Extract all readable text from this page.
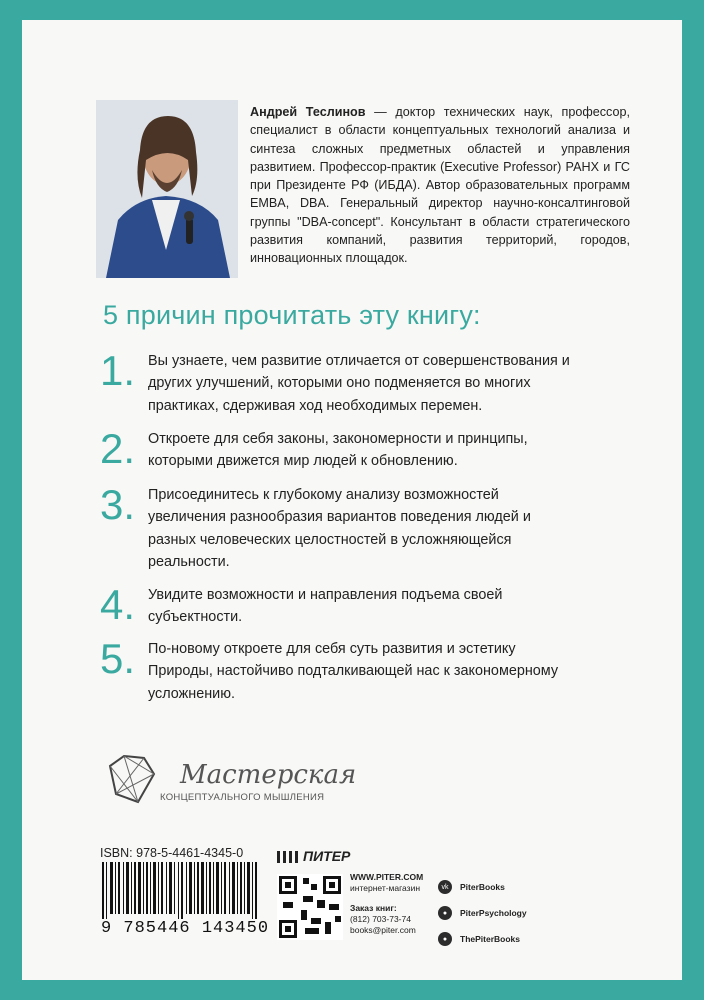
Андрей Теслинов — доктор технических наук, профессор, специалист в области концептуальных технологий анализа и синтеза сложных предметных областей и управления развитием. Профессор-практик (Executive Professor) РАНХ и ГС при Президенте РФ (ИБДА). Автор образовательных программ EMBA, DBA. Генеральный директор научно-консалтинговой группы "DBA-concept". Консультант в области стратегического развития компаний, развития территорий, городов, инновационных площадок.
5 причин прочитать эту книгу:
1. Вы узнаете, чем развитие отличается от совершенствования и других улучшений, которыми оно подменяется во многих практиках, сдерживая ход необходимых перемен.
2. Откроете для себя законы, закономерности и принципы, которыми движется мир людей к обновлению.
3. Присоединитесь к глубокому анализу возможностей увеличения разнообразия вариантов поведения людей и разных человеческих целостностей в усложняющейся реальности.
4. Увидите возможности и направления подъема своей субъектности.
5. По-новому откроете для себя суть развития и эстетику Природы, настойчиво подталкивающей нас к закономерному усложнению.
Мастерская
КОНЦЕПТУАЛЬНОГО МЫШЛЕНИЯ
ISBN: 978-5-4461-4345-0
9 785446 143450
ПИТЕР
WWW.PITER.COM
интернет-магазин
Заказ книг:
(812) 703-73-74
books@piter.com
vk	PiterBooks
●	PiterPsychology
●	ThePiterBooks
